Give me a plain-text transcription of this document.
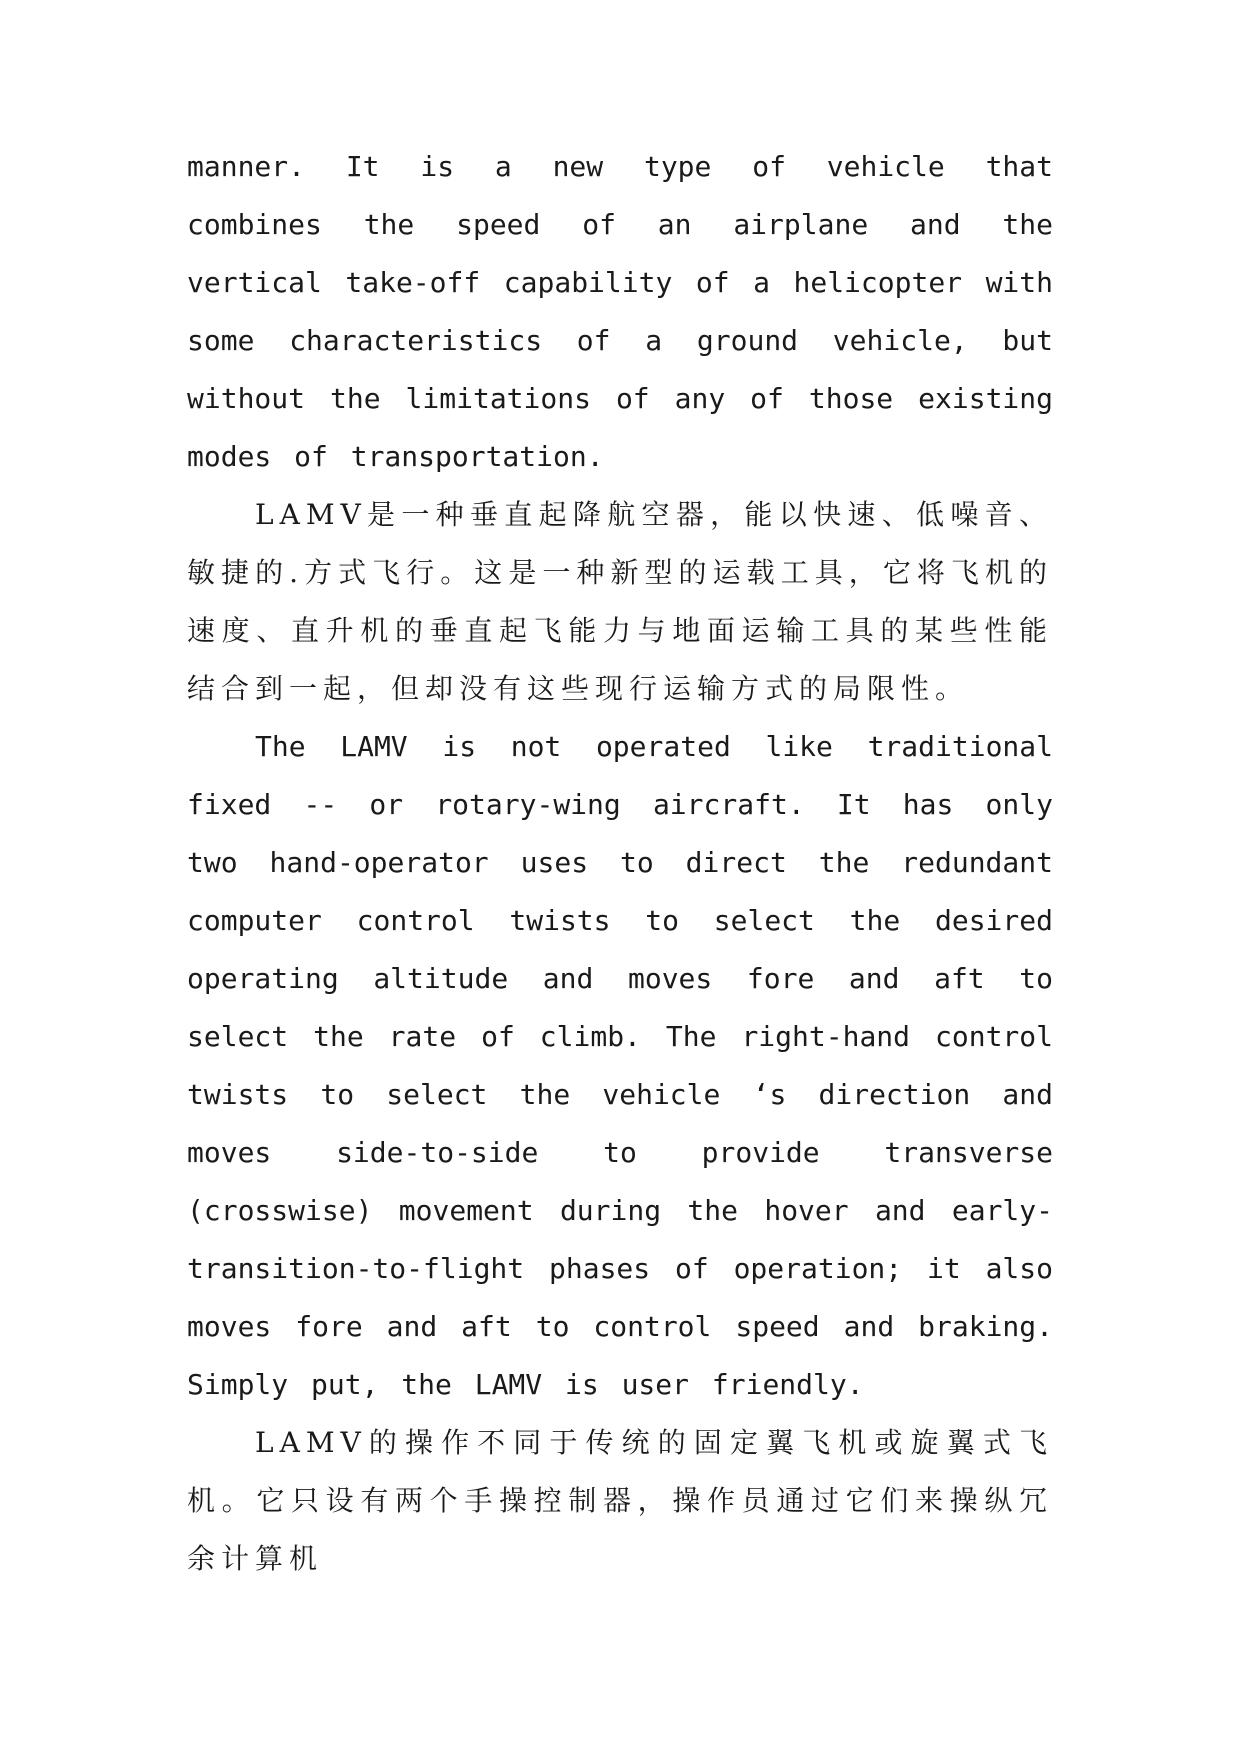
manner. It is a new type of vehicle that combines the speed of an airplane and the vertical take-off capability of a helicopter with some characteristics of a ground vehicle, but without the limitations of any of those existing modes of transportation.

LAMV是一种垂直起降航空器，能以快速、低噪音、敏捷的.方式飞行。这是一种新型的运载工具，它将飞机的速度、直升机的垂直起飞能力与地面运输工具的某些性能结合到一起，但却没有这些现行运输方式的局限性。

The LAMV is not operated like traditional fixed -- or rotary-wing aircraft. It has only two hand-operator uses to direct the redundant computer control twists to select the desired operating altitude and moves fore and aft to select the rate of climb. The right-hand control twists to select the vehicle ‘s direction and moves side-to-side to provide transverse (crosswise) movement during the hover and early-transition-to-flight phases of operation; it also moves fore and aft to control speed and braking. Simply put, the LAMV is user friendly.

LAMV的操作不同于传统的固定翼飞机或旋翼式飞机。它只设有两个手操控制器，操作员通过它们来操纵冗余计算机
